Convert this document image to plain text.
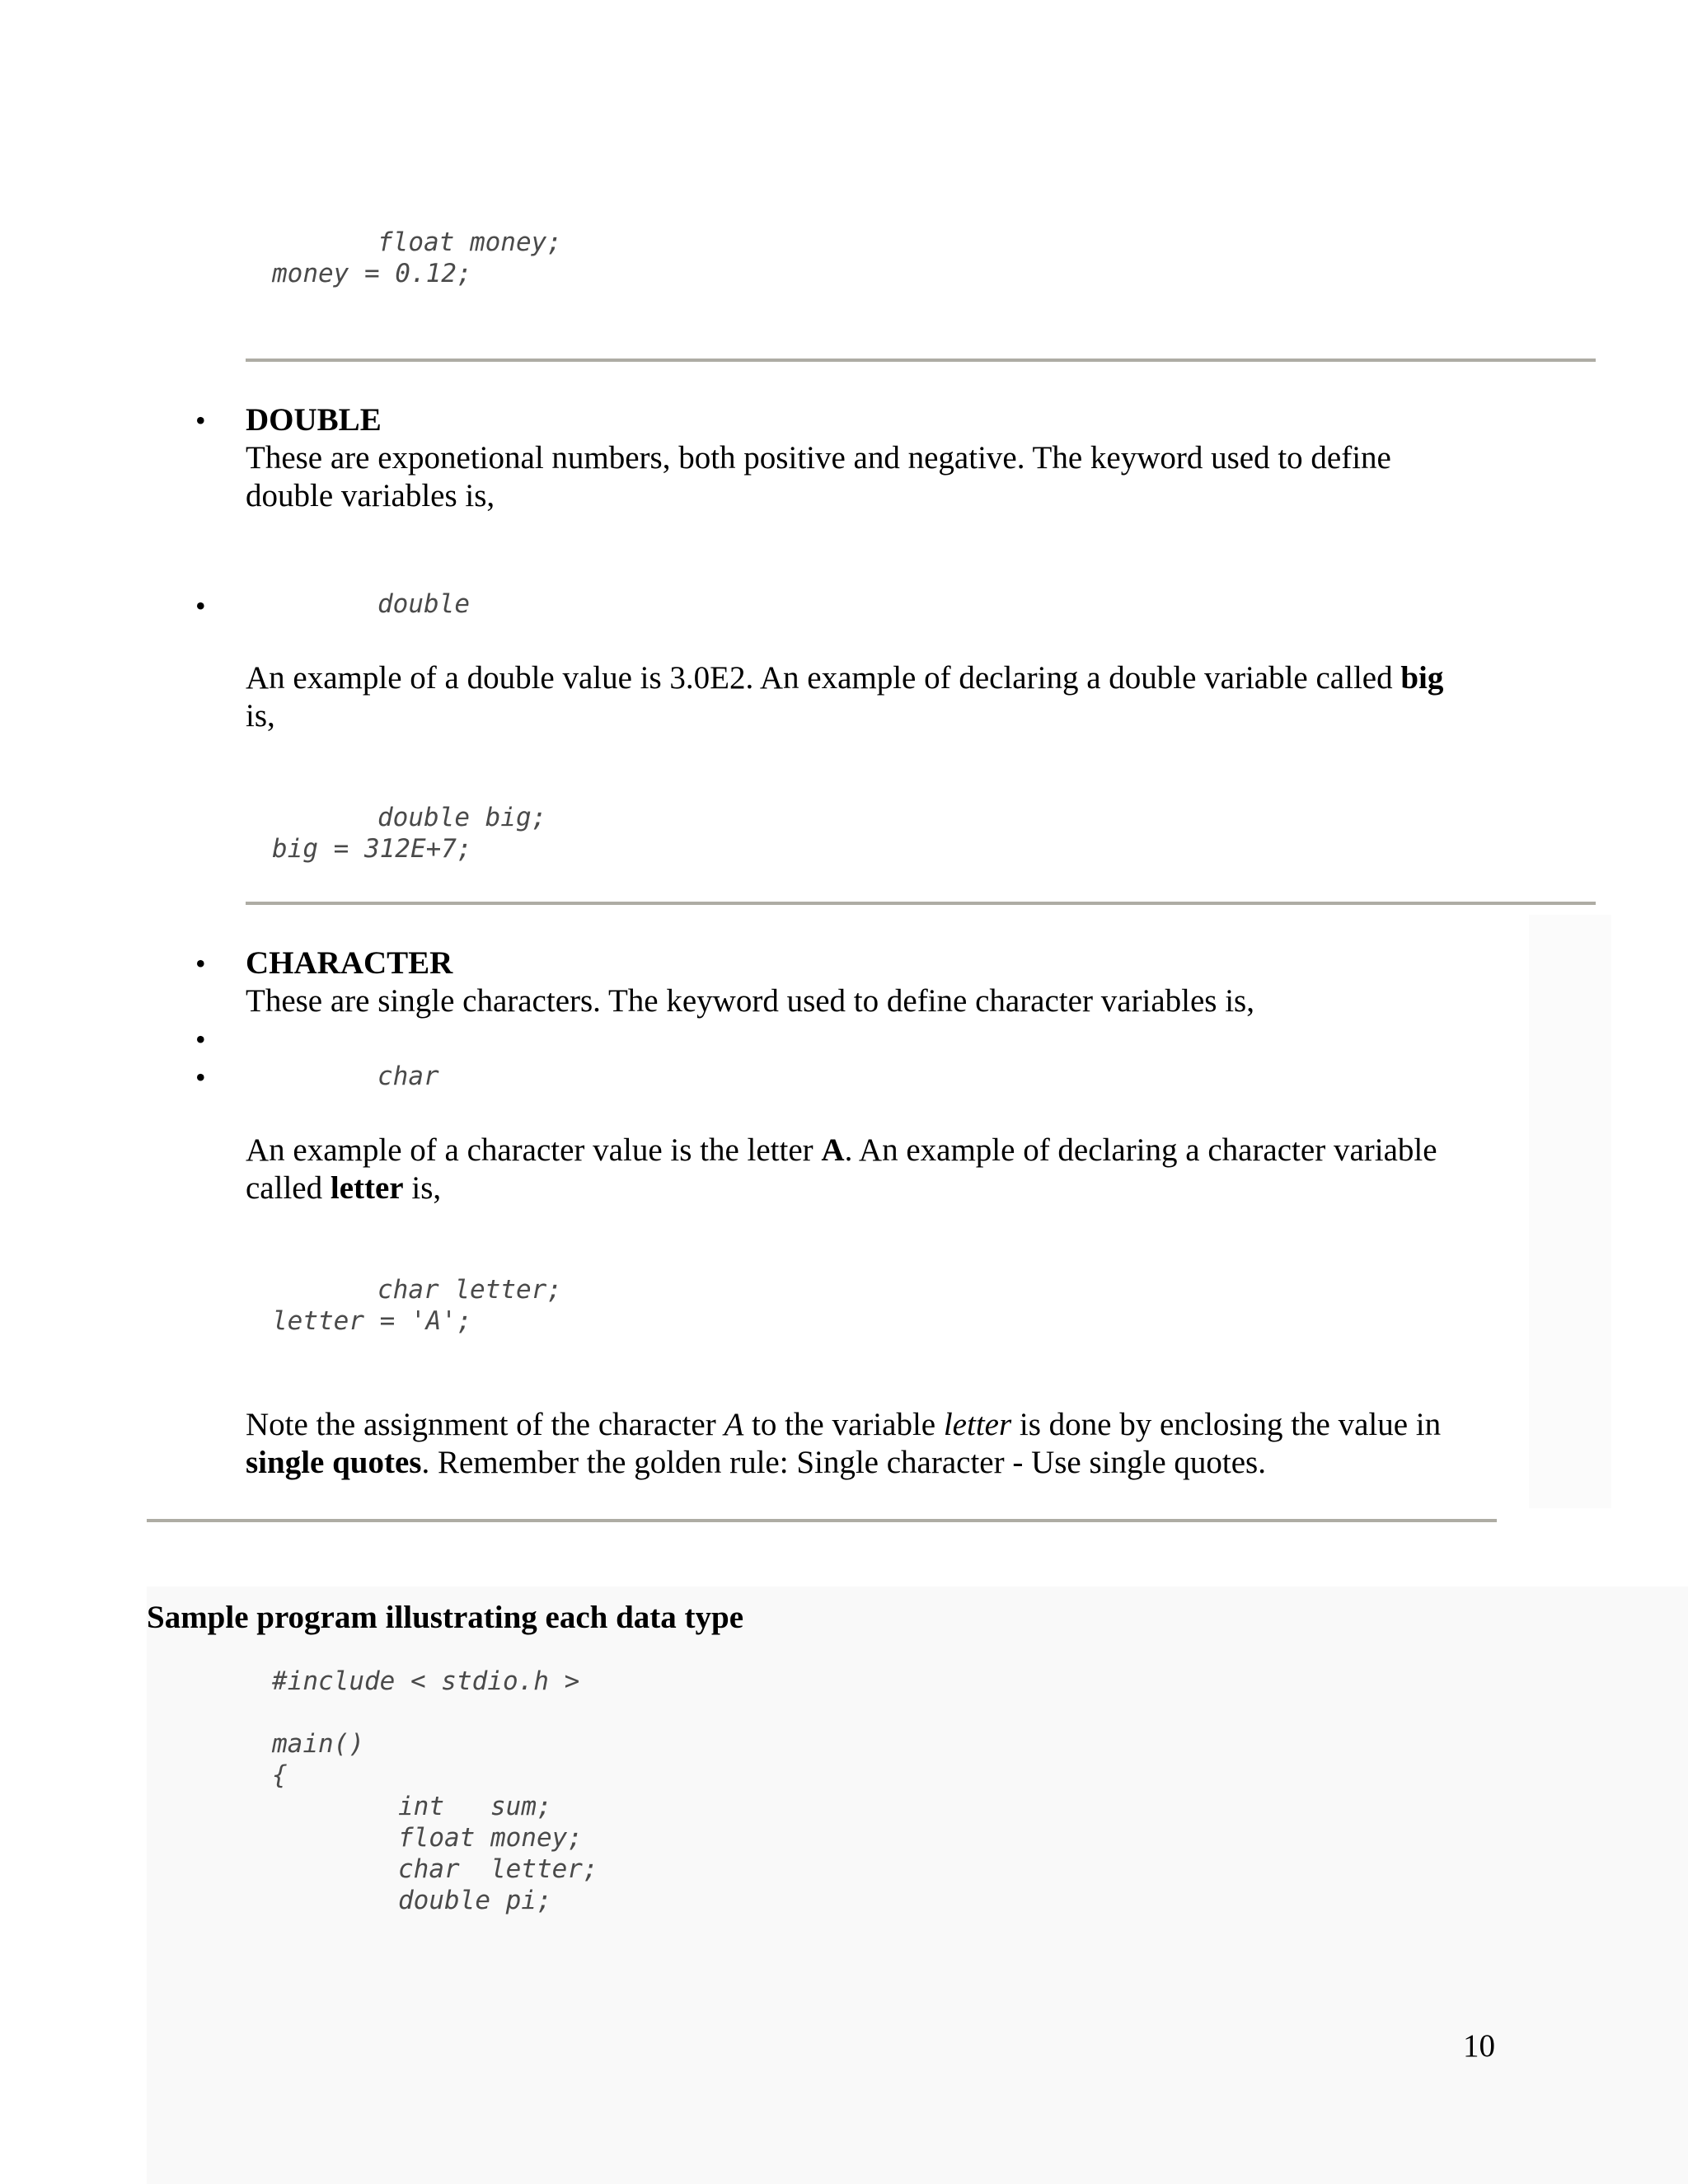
float money;
money = 0.12;
• DOUBLE
These are exponetional numbers, both positive and negative. The keyword used to define
double variables is,
•	double
An example of a double value is 3.0E2. An example of declaring a double variable called big
is,
double big;
big = 312E+7;
• CHARACTER
These are single characters. The keyword used to define character variables is,
•
•	char
An example of a character value is the letter A. An example of declaring a character variable
called letter is,
char letter;
letter = 'A';
Note the assignment of the character A to the variable letter is done by enclosing the value in
single quotes. Remember the golden rule: Single character - Use single quotes.
Sample program illustrating each data type
#include < stdio.h >
main()
{
int   sum;
float money;
char  letter;
double pi;
10
